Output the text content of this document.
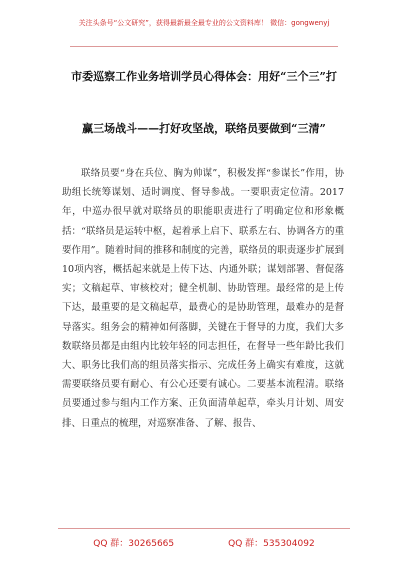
关注头条号“公文研究”，获得最新最全最专业的公文资料库！ 微信：gongwenyj
市委巡察工作业务培训学员心得体会：用好“三个三”打
赢三场战斗——打好攻坚战，联络员要做到“三清”

联络员要“身在兵位、胸为帅谋”，积极发挥“参谋长”作用，协助组长统筹谋划、适时调度、督导参战。一要职责定位清。2017年，中巡办很早就对联络员的职能职责进行了明确定位和形象概括：“联络员是运转中枢，起着承上启下、联系左右、协调各方的重要作用”。随着时间的推移和制度的完善，联络员的职责逐步扩展到10项内容，概括起来就是上传下达、内通外联；谋划部署、督促落实；文稿起草、审核校对；健全机制、协助管理。最经常的是上传下达，最重要的是文稿起草，最费心的是协助管理，最难办的是督导落实。组务会的精神如何落脚，关键在于督导的力度，我们大多数联络员都是由组内比较年轻的同志担任，在督导一些年龄比我们大、职务比我们高的组员落实指示、完成任务上确实有难度，这就需要联络员要有耐心、有公心还要有诚心。二要基本流程清。联络员要通过参与组内工作方案、正负面清单起草，牵头月计划、周安排、日重点的梳理，对巡察准备、了解、报告、

QQ 群：30265665	QQ 群：535304092
